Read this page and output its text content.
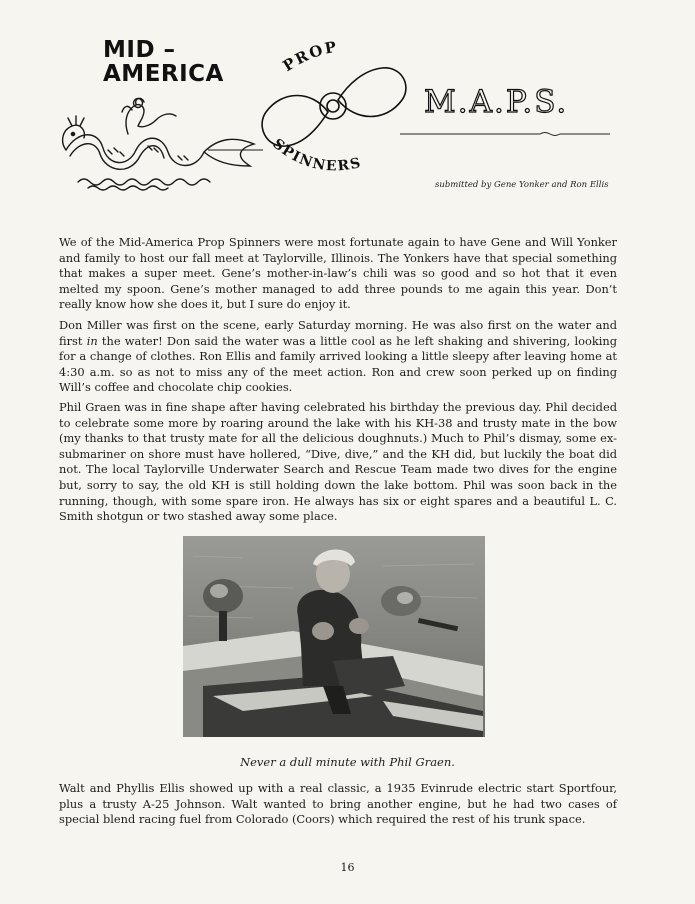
MID –
AMERICA	PROP
SPINNERS
M.A.P.S.
submitted by Gene Yonker and Ron Ellis

We of the Mid-America Prop Spinners were most fortunate again to have Gene and Will Yonker and family to host our fall meet at Taylorville, Illinois. The Yonkers have that special something that makes a super meet. Gene’s mother-in-law’s chili was so good and so hot that it even melted my spoon. Gene’s mother managed to add three pounds to me again this year. Don’t really know how she does it, but I sure do enjoy it.

Don Miller was first on the scene, early Saturday morning. He was also first on the water and first in the water! Don said the water was a little cool as he left shaking and shivering, looking for a change of clothes. Ron Ellis and family arrived looking a little sleepy after leaving home at 4:30 a.m. so as not to miss any of the meet action. Ron and crew soon perked up on finding Will’s coffee and chocolate chip cookies.

Phil Graen was in fine shape after having celebrated his birthday the previous day. Phil decided to celebrate some more by roaring around the lake with his KH-38 and trusty mate in the bow (my thanks to that trusty mate for all the delicious doughnuts.) Much to Phil’s dismay, some ex-submariner on shore must have hollered, “Dive, dive,” and the KH did, but luckily the boat did not. The local Taylorville Underwater Search and Rescue Team made two dives for the engine but, sorry to say, the old KH is still holding down the lake bottom. Phil was soon back in the running, though, with some spare iron. He always has six or eight spares and a beautiful L. C. Smith shotgun or two stashed away some place.

Never a dull minute with Phil Graen.

Walt and Phyllis Ellis showed up with a real classic, a 1935 Evinrude electric start Sportfour, plus a trusty A-25 Johnson. Walt wanted to bring another engine, but he had two cases of special blend racing fuel from Colorado (Coors) which required the rest of his trunk space.

16
